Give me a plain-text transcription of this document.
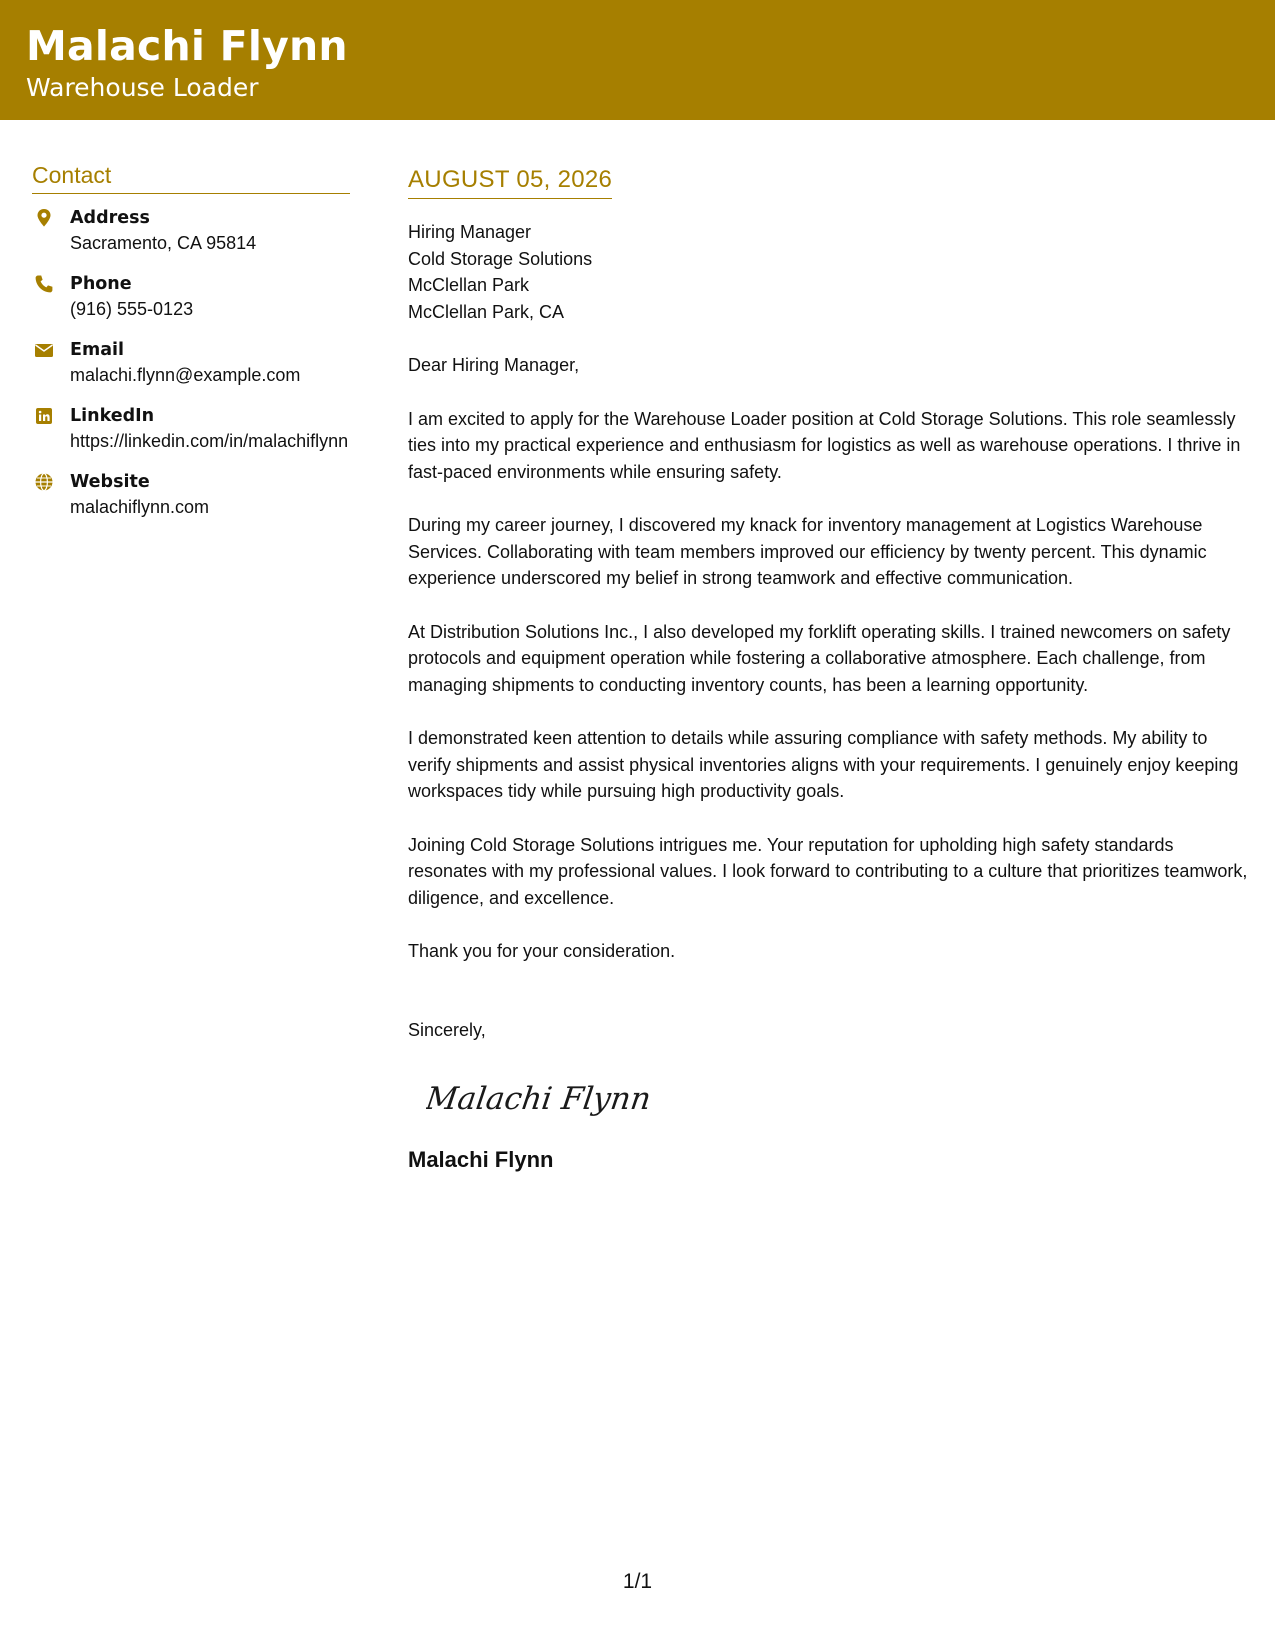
Malachi Flynn
Warehouse Loader
Contact
Address
Sacramento, CA 95814
Phone
(916) 555-0123
Email
malachi.flynn@example.com
LinkedIn
https://linkedin.com/in/malachiflynn
Website
malachiflynn.com
AUGUST 05, 2026
Hiring Manager
Cold Storage Solutions
McClellan Park
McClellan Park, CA
Dear Hiring Manager,

I am excited to apply for the Warehouse Loader position at Cold Storage Solutions. This role seamlessly ties into my practical experience and enthusiasm for logistics as well as warehouse operations. I thrive in fast-paced environments while ensuring safety.

During my career journey, I discovered my knack for inventory management at Logistics Warehouse Services. Collaborating with team members improved our efficiency by twenty percent. This dynamic experience underscored my belief in strong teamwork and effective communication.

At Distribution Solutions Inc., I also developed my forklift operating skills. I trained newcomers on safety protocols and equipment operation while fostering a collaborative atmosphere. Each challenge, from managing shipments to conducting inventory counts, has been a learning opportunity.

I demonstrated keen attention to details while assuring compliance with safety methods. My ability to verify shipments and assist physical inventories aligns with your requirements. I genuinely enjoy keeping workspaces tidy while pursuing high productivity goals.

Joining Cold Storage Solutions intrigues me. Your reputation for upholding high safety standards resonates with my professional values. I look forward to contributing to a culture that prioritizes teamwork, diligence, and excellence.

Thank you for your consideration.

Sincerely,
Malachi Flynn
Malachi Flynn
1/1
